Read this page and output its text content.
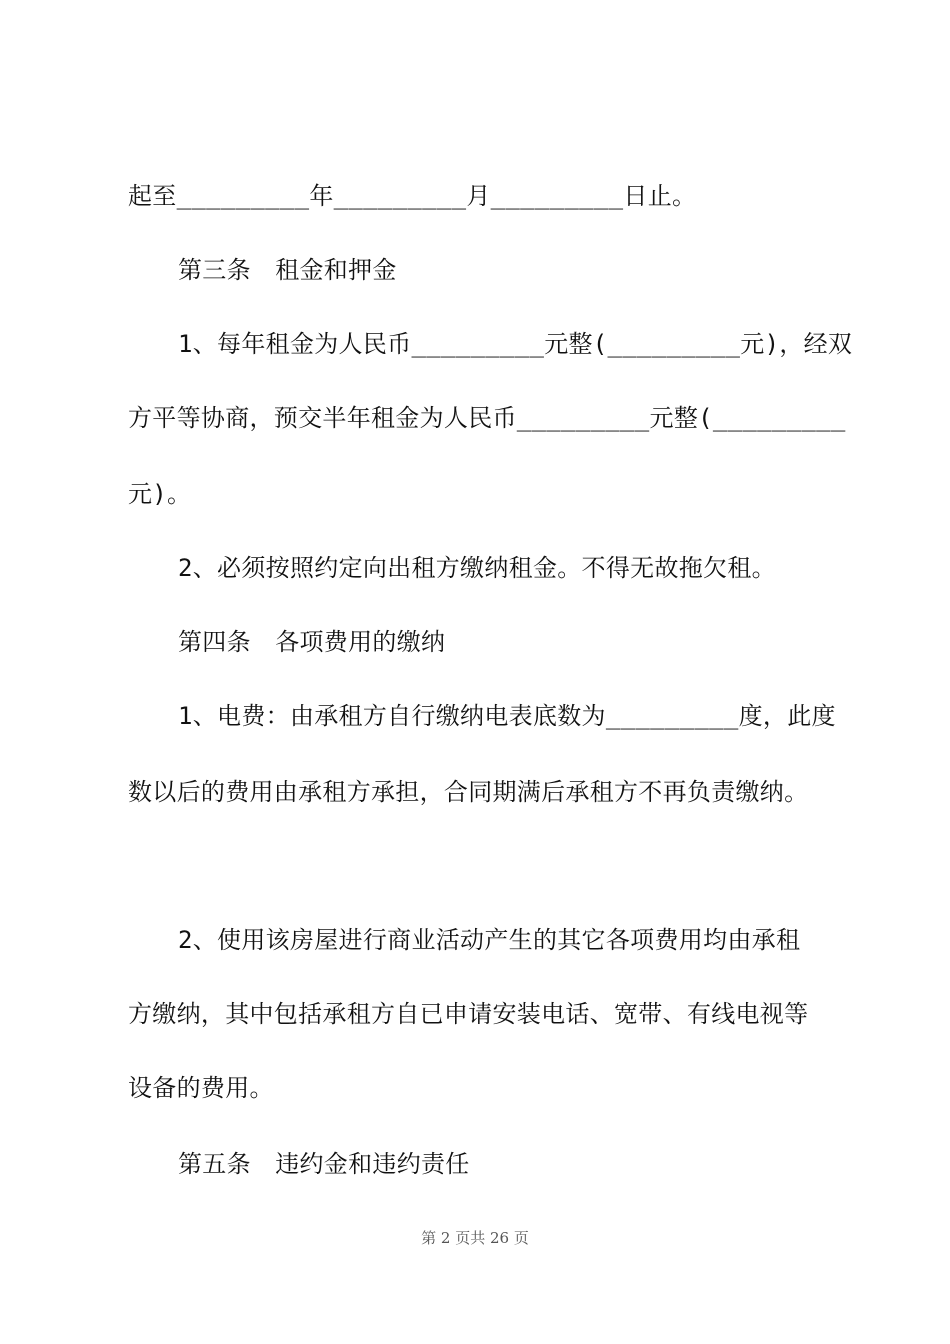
起至_________年_________月_________日止。
第三条　租金和押金
1、每年租金为人民币_________元整(_________元)，经双
方平等协商，预交半年租金为人民币_________元整(_________
元)。
2、必须按照约定向出租方缴纳租金。不得无故拖欠租。
第四条　各项费用的缴纳
1、电费：由承租方自行缴纳电表底数为_________度，此度
数以后的费用由承租方承担，合同期满后承租方不再负责缴纳。
2、使用该房屋进行商业活动产生的其它各项费用均由承租
方缴纳，其中包括承租方自已申请安装电话、宽带、有线电视等
设备的费用。
第五条　违约金和违约责任
第 2 页共 26 页
